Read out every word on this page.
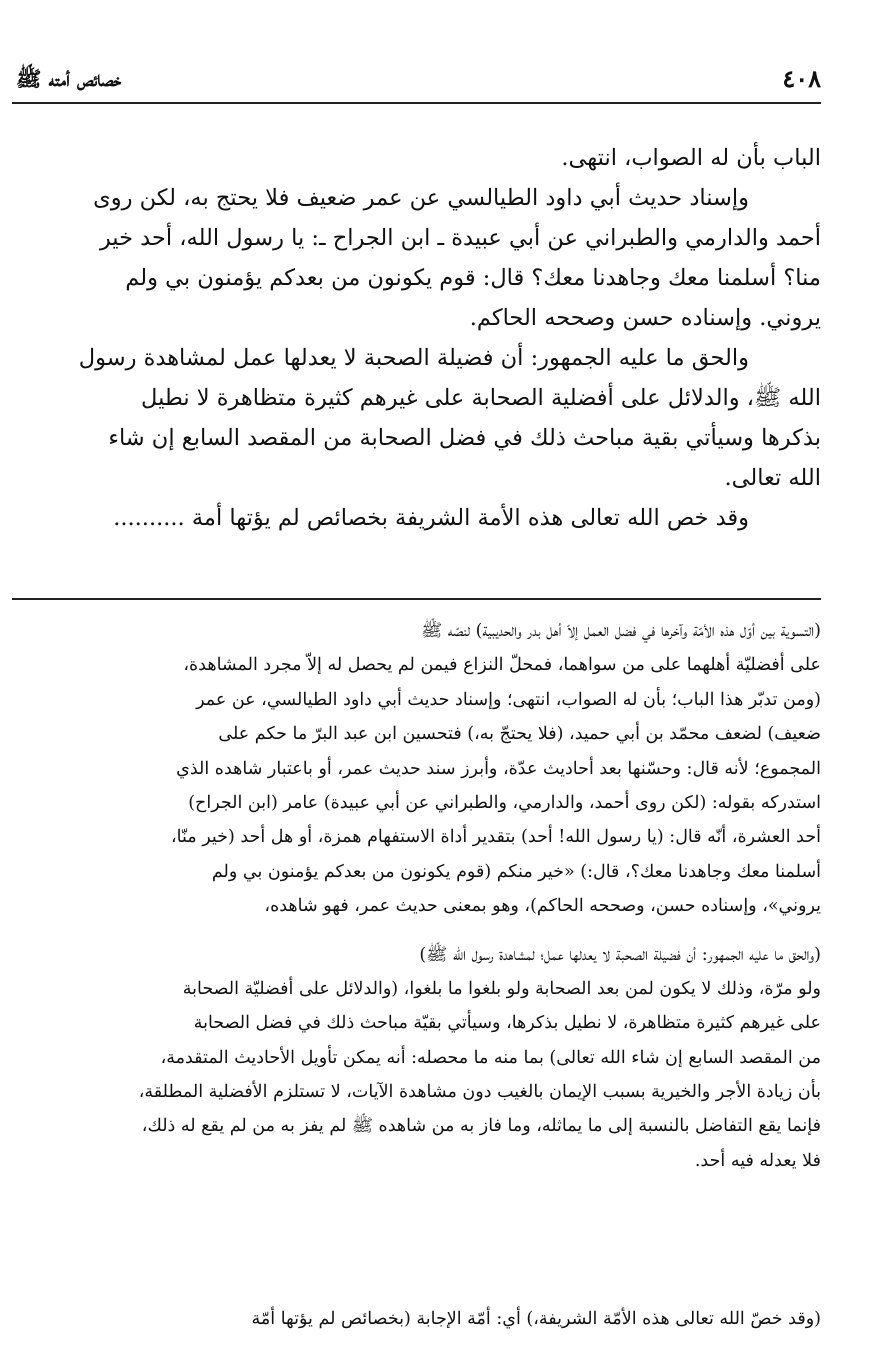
٤٠٨
خصائص أمته ﷺ
الباب بأن له الصواب، انتهى.
وإسناد حديث أبي داود الطيالسي عن عمر ضعيف فلا يحتج به، لكن روى
أحمد والدارمي والطبراني عن أبي عبيدة ـ ابن الجراح ـ: يا رسول الله، أحد خير
منا؟ أسلمنا معك وجاهدنا معك؟ قال: قوم يكونون من بعدكم يؤمنون بي ولم
يروني. وإسناده حسن وصححه الحاكم.
والحق ما عليه الجمهور: أن فضيلة الصحبة لا يعدلها عمل لمشاهدة رسول
الله ﷺ، والدلائل على أفضلية الصحابة على غيرهم كثيرة متظاهرة لا نطيل
بذكرها وسيأتي بقية مباحث ذلك في فضل الصحابة من المقصد السابع إن شاء
الله تعالى.
وقد خص الله تعالى هذه الأمة الشريفة بخصائص لم يؤتها أمة ..........
(التسوية بين أوّل هذه الأمّة وآخرها في فضل العمل إلاّ أهل بدر والحديبية) لنصّه ﷺ
على أفضليّة أهلهما على من سواهما، فمحلّ النزاع فيمن لم يحصل له إلاّ مجرد المشاهدة،
(ومن تدبّر هذا الباب؛ بأن له الصواب، انتهى؛ وإسناد حديث أبي داود الطيالسي، عن عمر
ضعيف) لضعف محمّد بن أبي حميد، (فلا يحتجّ به،) فتحسين ابن عبد البرّ ما حكم على
المجموع؛ لأنه قال: وحسّنها بعد أحاديث عدّة، وأبرز سند حديث عمر، أو باعتبار شاهده الذي
استدركه بقوله: (لكن روى أحمد، والدارمي، والطبراني عن أبي عبيدة) عامر (ابن الجراح)
أحد العشرة، أنّه قال: (يا رسول الله! أحد) بتقدير أداة الاستفهام همزة، أو هل أحد (خير منّا،
أسلمنا معك وجاهدنا معك؟، قال:) «خير منكم (قوم يكونون من بعدكم يؤمنون بي ولم
يروني»، وإسناده حسن، وصححه الحاكم)، وهو بمعنى حديث عمر، فهو شاهده،
(والحق ما عليه الجمهور: أن فضيلة الصحبة لا يعدلها عمل؛ لمشاهدة رسول الله ﷺ)
ولو مرّة، وذلك لا يكون لمن بعد الصحابة ولو بلغوا ما بلغوا، (والدلائل على أفضليّة الصحابة
على غيرهم كثيرة متظاهرة، لا نطيل بذكرها، وسيأتي بقيّة مباحث ذلك في فضل الصحابة
من المقصد السابع إن شاء الله تعالى) بما منه ما محصله: أنه يمكن تأويل الأحاديث المتقدمة،
بأن زيادة الأجر والخيرية بسبب الإيمان بالغيب دون مشاهدة الآيات، لا تستلزم الأفضلية المطلقة،
فإنما يقع التفاضل بالنسبة إلى ما يماثله، وما فاز به من شاهده ﷺ لم يفز به من لم يقع له ذلك،
فلا يعدله فيه أحد.
(وقد خصّ الله تعالى هذه الأمّة الشريفة،) أي: أمّة الإجابة (بخصائص لم يؤتها أمّة
